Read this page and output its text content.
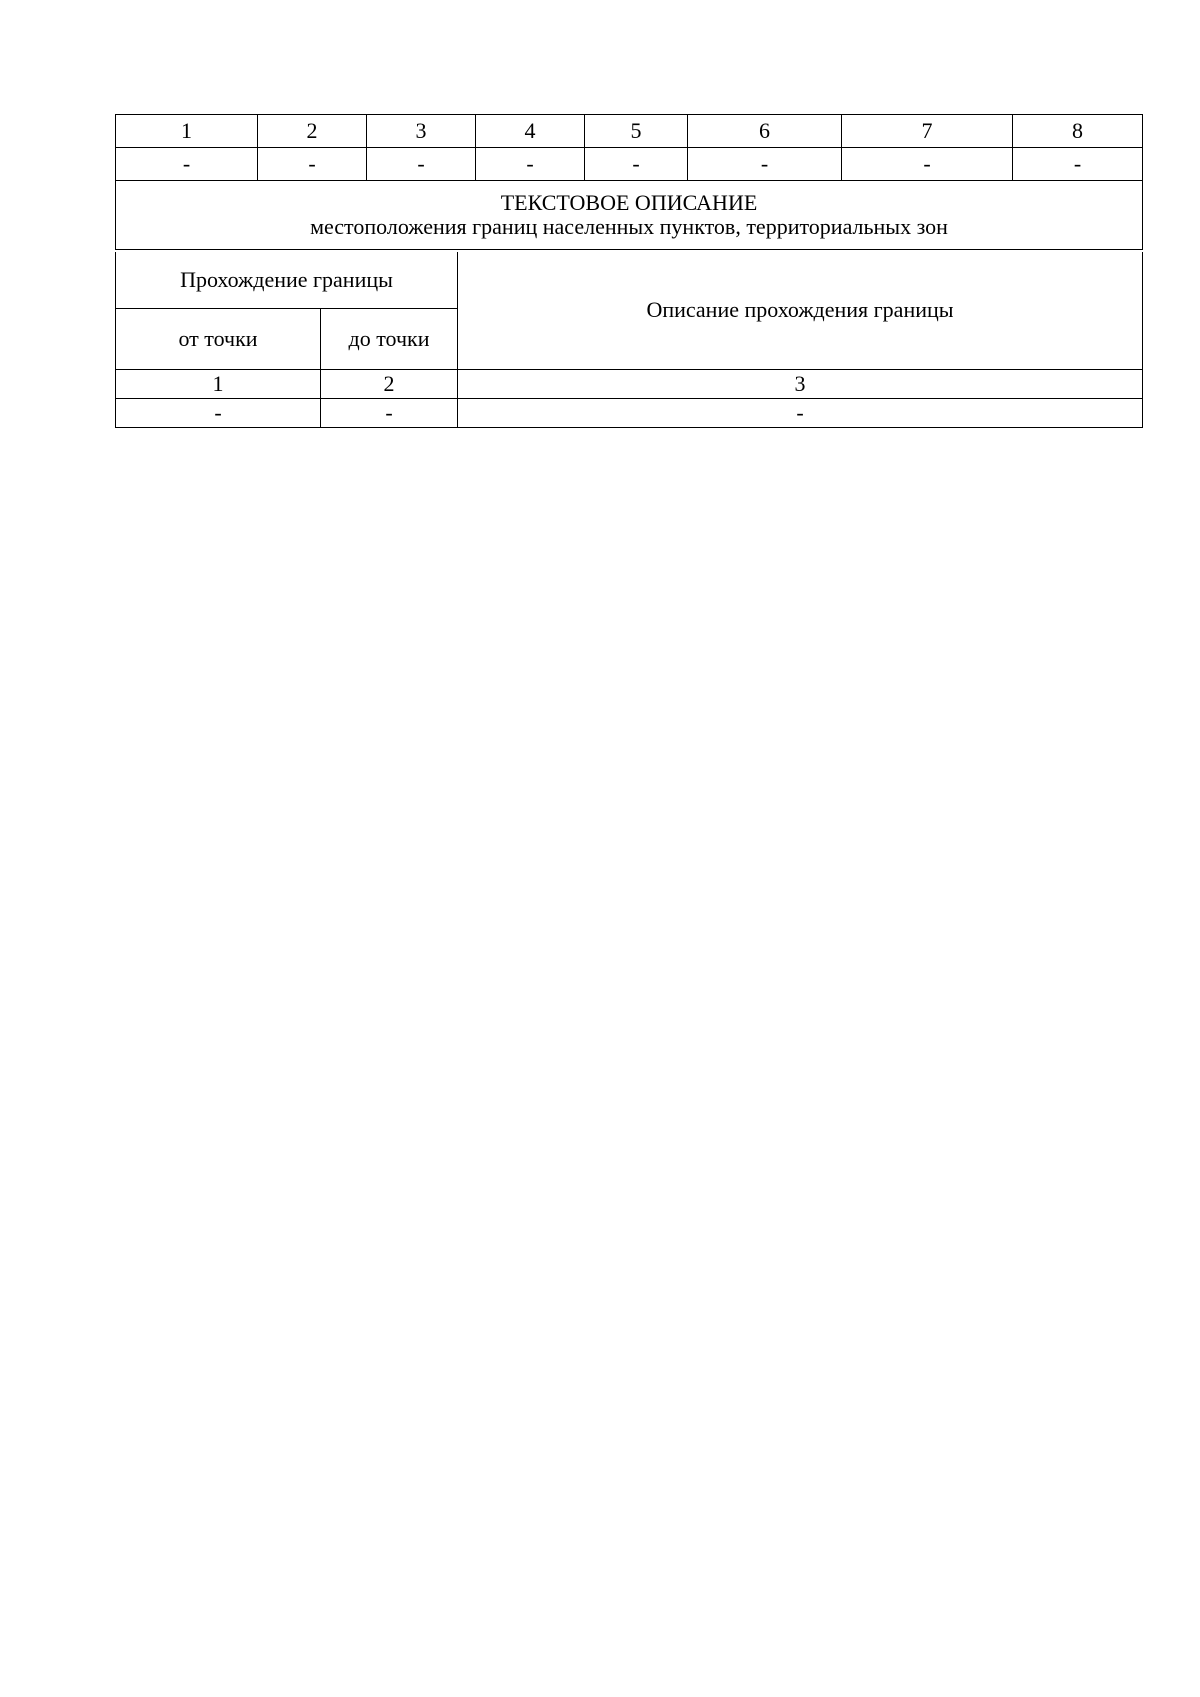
1	2	3	4	5	6	7	8
-	-	-	-	-	-	-	-

ТЕКСТОВОЕ ОПИСАНИЕ
местоположения границ населенных пунктов, территориальных зон							
Прохождение границы		Описание прохождения границы
от точки	до точки	
1	2	3
-	-	-
